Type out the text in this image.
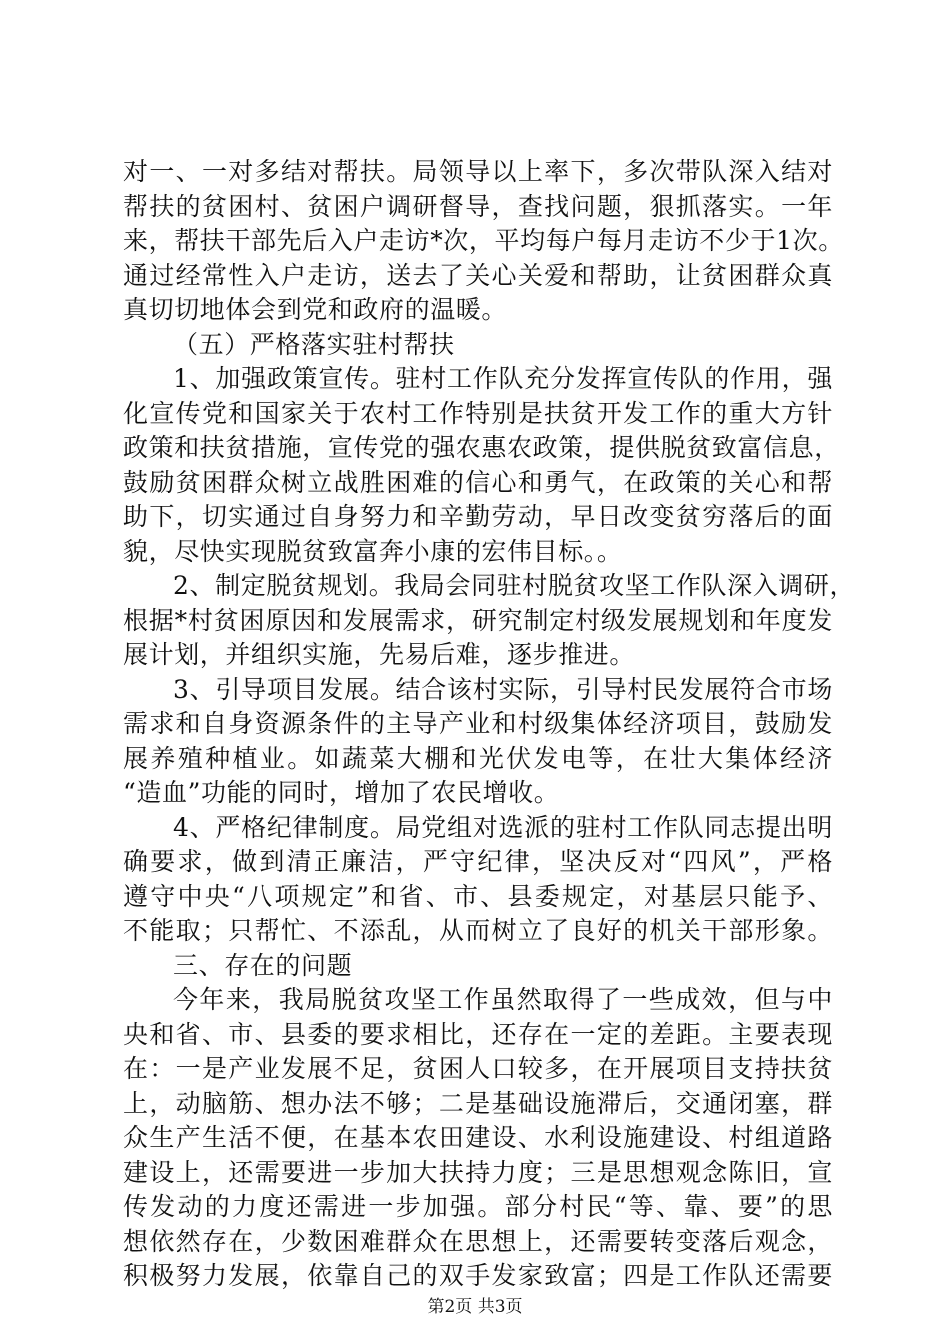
对一、一对多结对帮扶。局领导以上率下，多次带队深入结对
帮扶的贫困村、贫困户调研督导，查找问题，狠抓落实。一年
来，帮扶干部先后入户走访*次，平均每户每月走访不少于1次。
通过经常性入户走访，送去了关心关爱和帮助，让贫困群众真
真切切地体会到党和政府的温暖。
（五）严格落实驻村帮扶
1、加强政策宣传。驻村工作队充分发挥宣传队的作用，强
化宣传党和国家关于农村工作特别是扶贫开发工作的重大方针
政策和扶贫措施，宣传党的强农惠农政策，提供脱贫致富信息，
鼓励贫困群众树立战胜困难的信心和勇气，在政策的关心和帮
助下，切实通过自身努力和辛勤劳动，早日改变贫穷落后的面
貌，尽快实现脱贫致富奔小康的宏伟目标。。
2、制定脱贫规划。我局会同驻村脱贫攻坚工作队深入调研，
根据*村贫困原因和发展需求，研究制定村级发展规划和年度发
展计划，并组织实施，先易后难，逐步推进。
3、引导项目发展。结合该村实际，引导村民发展符合市场
需求和自身资源条件的主导产业和村级集体经济项目，鼓励发
展养殖种植业。如蔬菜大棚和光伏发电等，在壮大集体经济
“造血”功能的同时，增加了农民增收。
4、严格纪律制度。局党组对选派的驻村工作队同志提出明
确要求，做到清正廉洁，严守纪律，坚决反对“四风”，严格
遵守中央“八项规定”和省、市、县委规定，对基层只能予、
不能取；只帮忙、不添乱，从而树立了良好的机关干部形象。
三、存在的问题
今年来，我局脱贫攻坚工作虽然取得了一些成效，但与中
央和省、市、县委的要求相比，还存在一定的差距。主要表现
在：一是产业发展不足，贫困人口较多，在开展项目支持扶贫
上，动脑筋、想办法不够；二是基础设施滞后，交通闭塞，群
众生产生活不便，在基本农田建设、水利设施建设、村组道路
建设上，还需要进一步加大扶持力度；三是思想观念陈旧，宣
传发动的力度还需进一步加强。部分村民“等、靠、要”的思
想依然存在，少数困难群众在思想上，还需要转变落后观念，
积极努力发展，依靠自己的双手发家致富；四是工作队还需要
第2页 共3页
